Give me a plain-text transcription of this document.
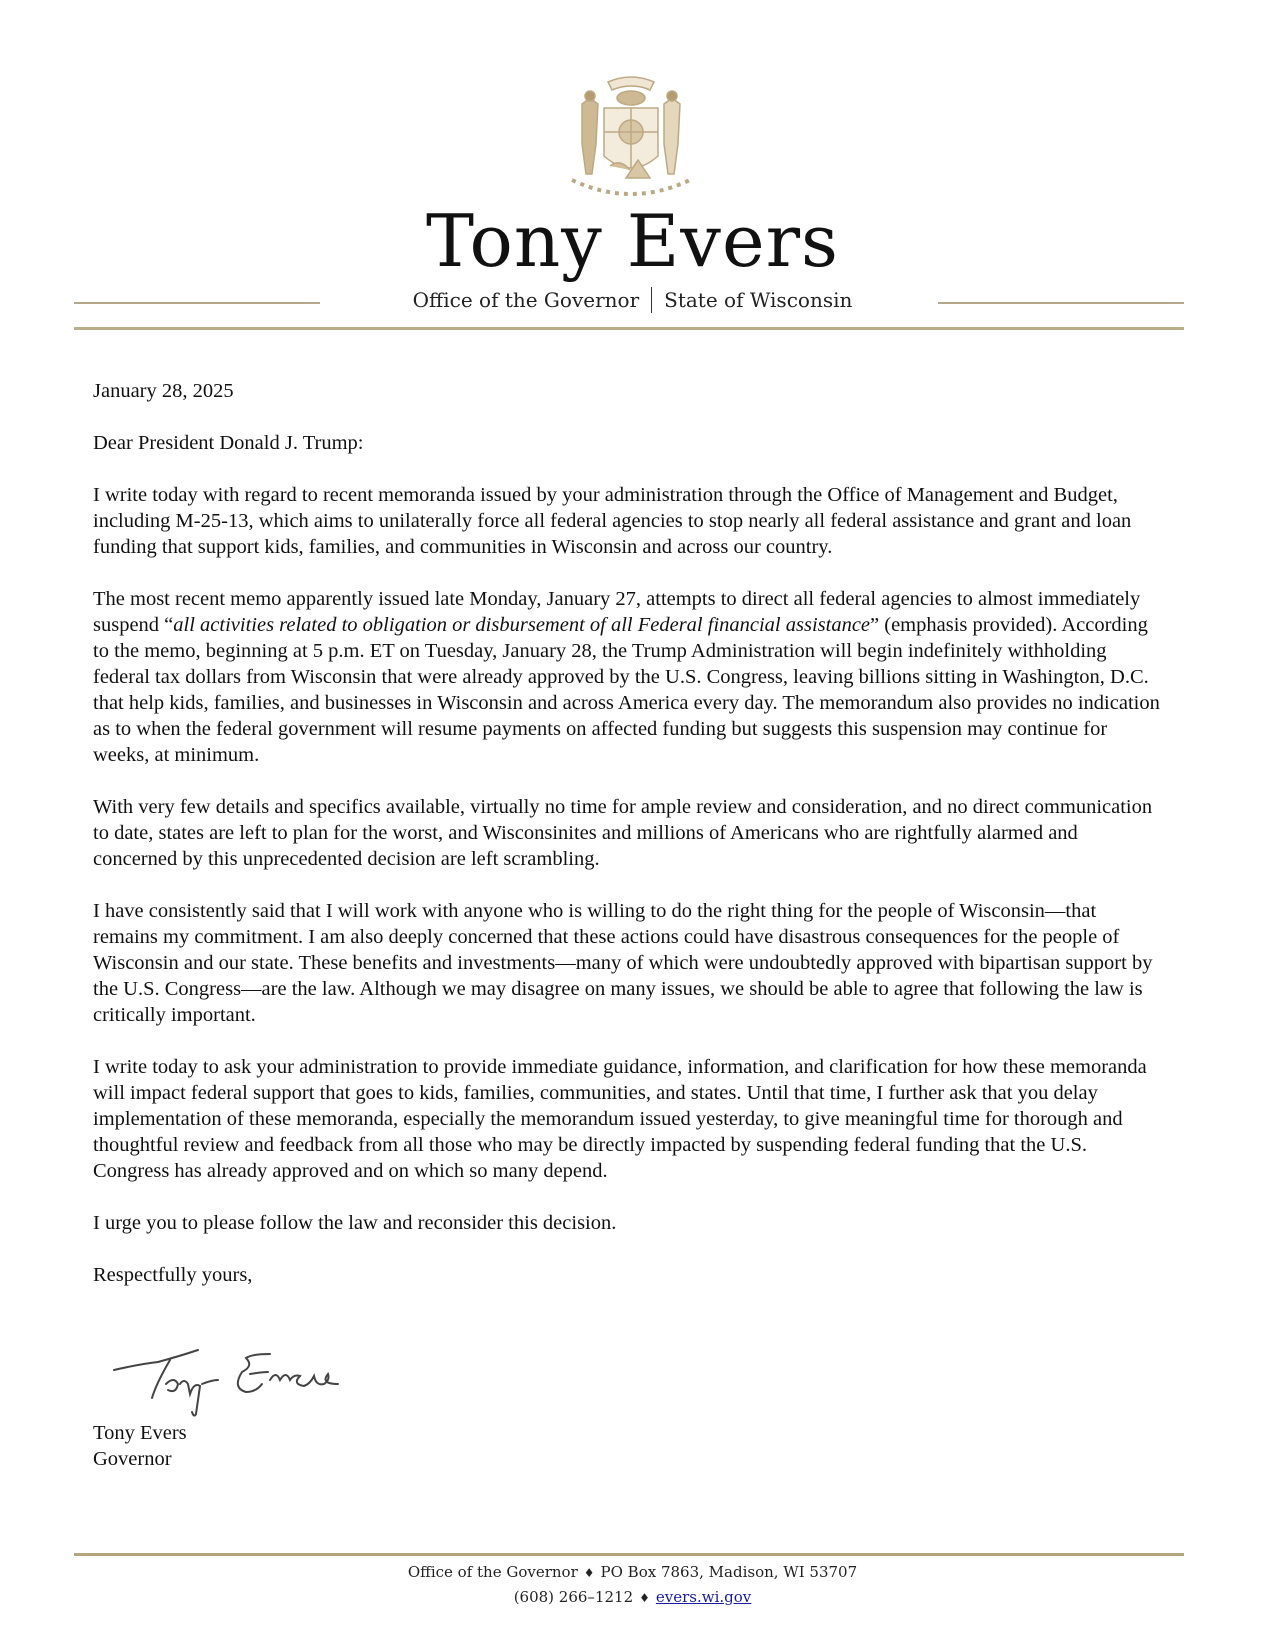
Tony Evers
Office of the Governor State of Wisconsin

January 28, 2025

Dear President Donald J. Trump:

I write today with regard to recent memoranda issued by your administration through the Office of Management and Budget, including M-25-13, which aims to unilaterally force all federal agencies to stop nearly all federal assistance and grant and loan funding that support kids, families, and communities in Wisconsin and across our country.

The most recent memo apparently issued late Monday, January 27, attempts to direct all federal agencies to almost immediately suspend “all activities related to obligation or disbursement of all Federal financial assistance” (emphasis provided). According to the memo, beginning at 5 p.m. ET on Tuesday, January 28, the Trump Administration will begin indefinitely withholding federal tax dollars from Wisconsin that were already approved by the U.S. Congress, leaving billions sitting in Washington, D.C. that help kids, families, and businesses in Wisconsin and across America every day. The memorandum also provides no indication as to when the federal government will resume payments on affected funding but suggests this suspension may continue for weeks, at minimum.

With very few details and specifics available, virtually no time for ample review and consideration, and no direct communication to date, states are left to plan for the worst, and Wisconsinites and millions of Americans who are rightfully alarmed and concerned by this unprecedented decision are left scrambling.

I have consistently said that I will work with anyone who is willing to do the right thing for the people of Wisconsin—that remains my commitment. I am also deeply concerned that these actions could have disastrous consequences for the people of Wisconsin and our state. These benefits and investments—many of which were undoubtedly approved with bipartisan support by the U.S. Congress—are the law. Although we may disagree on many issues, we should be able to agree that following the law is critically important.

I write today to ask your administration to provide immediate guidance, information, and clarification for how these memoranda will impact federal support that goes to kids, families, communities, and states. Until that time, I further ask that you delay implementation of these memoranda, especially the memorandum issued yesterday, to give meaningful time for thorough and thoughtful review and feedback from all those who may be directly impacted by suspending federal funding that the U.S. Congress has already approved and on which so many depend.

I urge you to please follow the law and reconsider this decision.

Respectfully yours,

Tony Evers
Governor
Office of the Governor ♦ PO Box 7863, Madison, WI 53707
(608) 266–1212 ♦ evers.wi.gov
